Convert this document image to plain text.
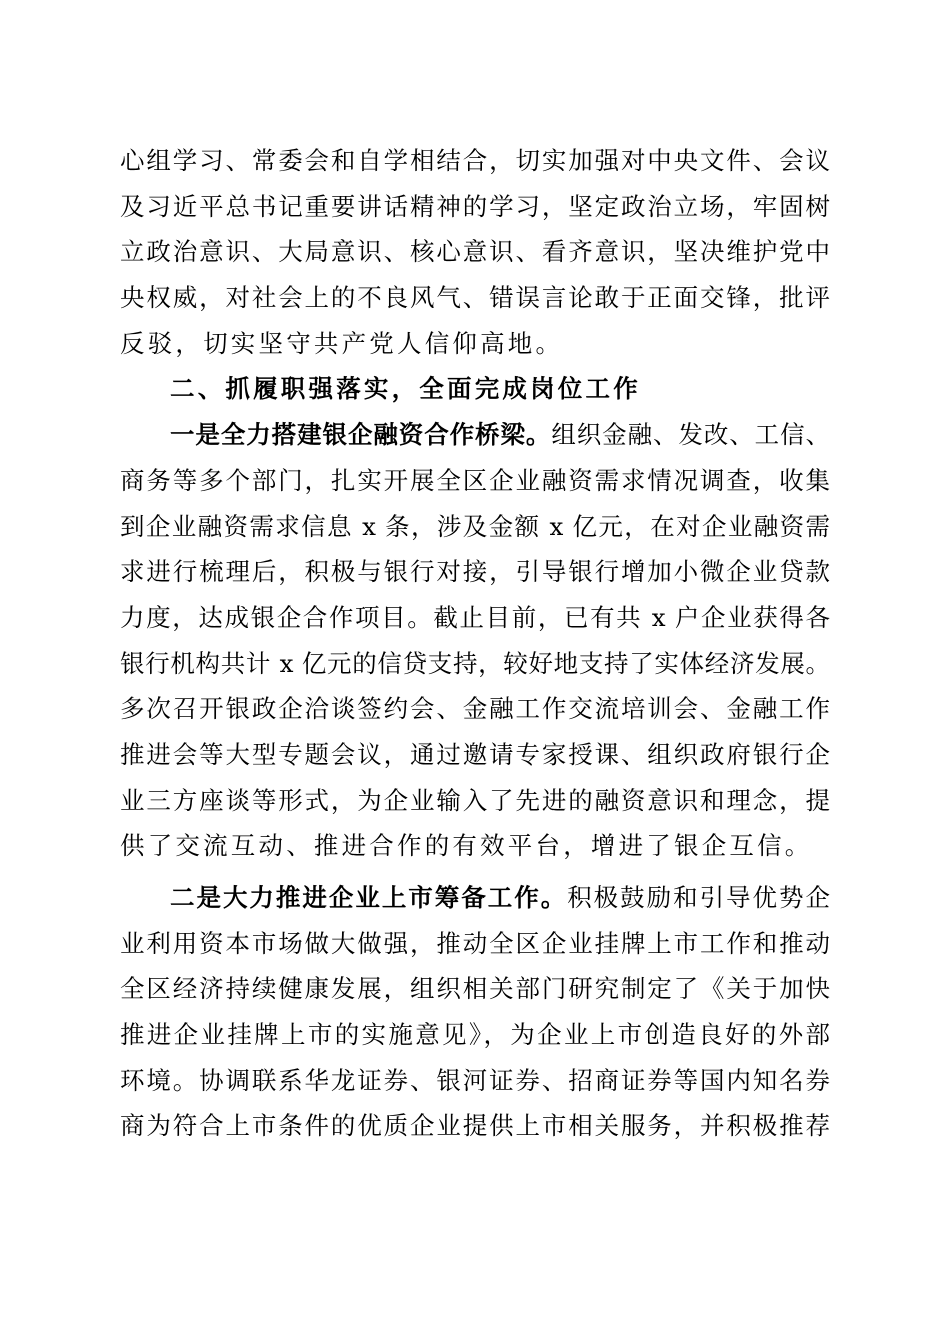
心组学习、常委会和自学相结合，切实加强对中央文件、会议
及习近平总书记重要讲话精神的学习，坚定政治立场，牢固树
立政治意识、大局意识、核心意识、看齐意识，坚决维护党中
央权威，对社会上的不良风气、错误言论敢于正面交锋，批评
反驳，切实坚守共产党人信仰高地。
二、抓履职强落实，全面完成岗位工作
一是全力搭建银企融资合作桥梁。组织金融、发改、工信、
商务等多个部门，扎实开展全区企业融资需求情况调查，收集
到企业融资需求信息 x 条，涉及金额 x 亿元，在对企业融资需
求进行梳理后，积极与银行对接，引导银行增加小微企业贷款
力度，达成银企合作项目。截止目前，已有共 x 户企业获得各
银行机构共计 x 亿元的信贷支持，较好地支持了实体经济发展。
多次召开银政企洽谈签约会、金融工作交流培训会、金融工作
推进会等大型专题会议，通过邀请专家授课、组织政府银行企
业三方座谈等形式，为企业输入了先进的融资意识和理念，提
供了交流互动、推进合作的有效平台，增进了银企互信。
二是大力推进企业上市筹备工作。积极鼓励和引导优势企
业利用资本市场做大做强，推动全区企业挂牌上市工作和推动
全区经济持续健康发展，组织相关部门研究制定了《关于加快
推进企业挂牌上市的实施意见》，为企业上市创造良好的外部
环境。协调联系华龙证券、银河证券、招商证券等国内知名券
商为符合上市条件的优质企业提供上市相关服务，并积极推荐
